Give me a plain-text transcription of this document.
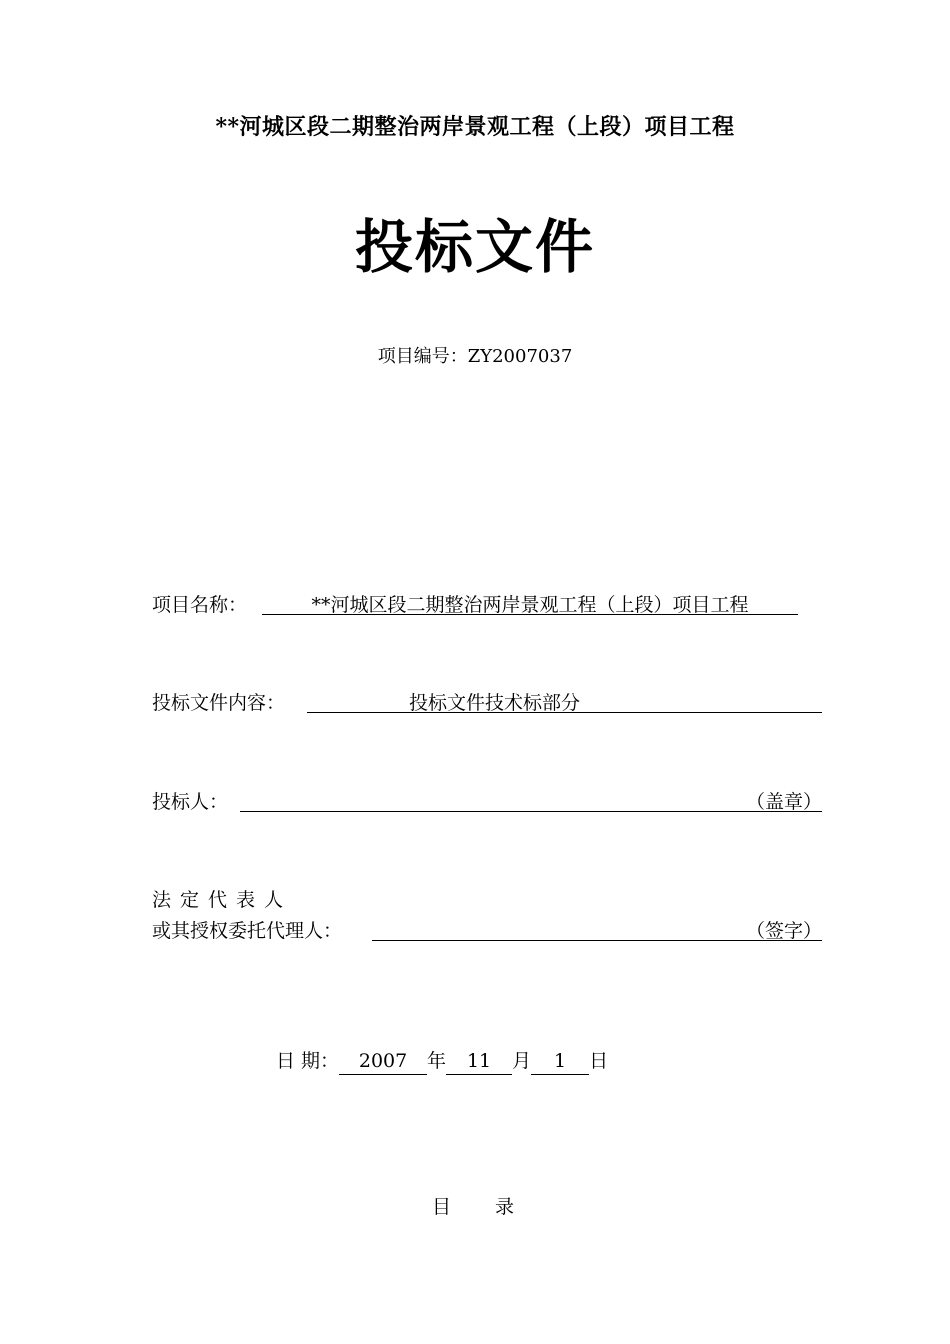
**河城区段二期整治两岸景观工程（上段）项目工程
投标文件
项目编号：ZY2007037
项目名称：	**河城区段二期整治两岸景观工程（上段）项目工程
投标文件内容：	投标文件技术标部分
投标人：	（盖章）
法定代表人
或其授权委托代理人：	（签字）
日 期： 2007 年 11 月 1 日
目录
